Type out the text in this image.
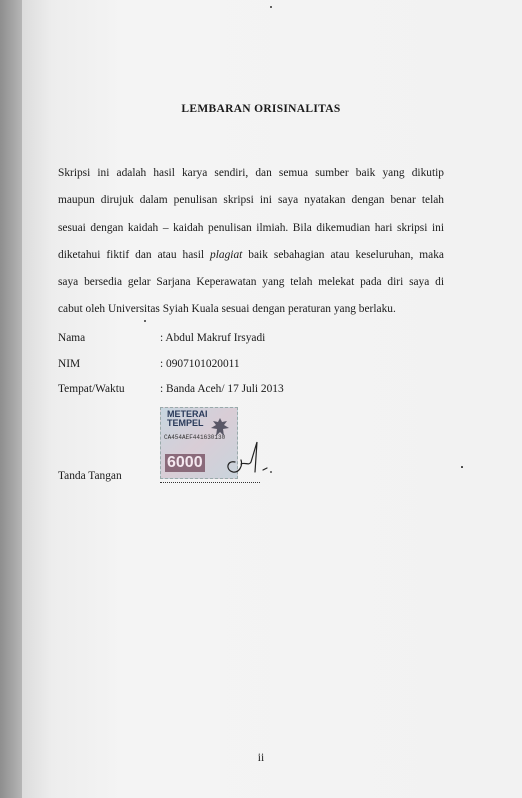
LEMBARAN ORISINALITAS
Skripsi ini adalah hasil karya sendiri, dan semua sumber baik yang dikutip
maupun dirujuk dalam penulisan skripsi ini saya nyatakan dengan benar telah
sesuai dengan kaidah – kaidah penulisan ilmiah. Bila dikemudian hari skripsi ini
diketahui fiktif dan atau hasil plagiat baik sebahagian atau keseluruhan, maka
saya bersedia gelar Sarjana Keperawatan yang telah melekat pada diri saya di
cabut oleh Universitas Syiah Kuala sesuai dengan peraturan yang berlaku.
Nama	: Abdul Makruf Irsyadi
NIM	: 0907101020011
Tempat/Waktu	: Banda Aceh/ 17 Juli 2013
METERAI
TEMPEL
CA454AEF441630130
6000
Tanda Tangan
ii
